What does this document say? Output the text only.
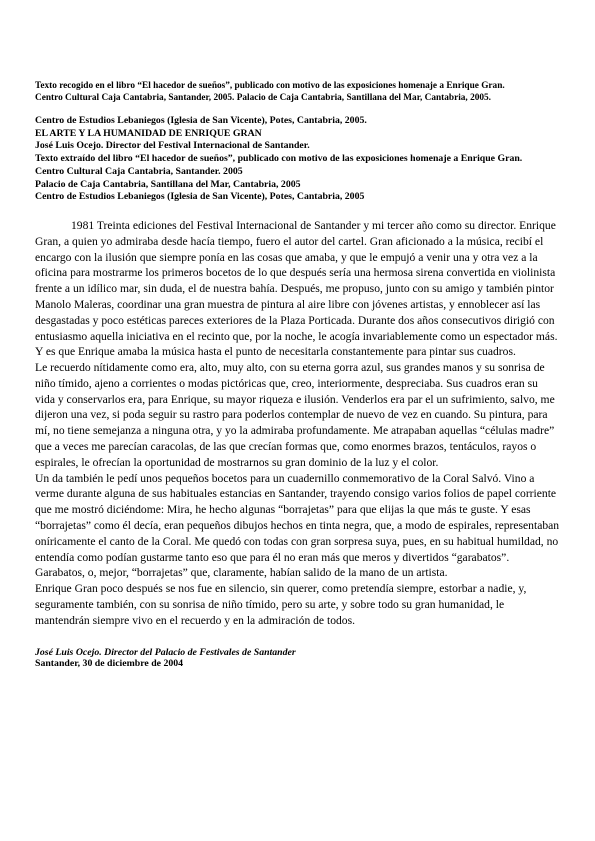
Texto recogido en el libro “El hacedor de sueños”, publicado con motivo de las exposiciones homenaje a Enrique Gran.
Centro Cultural Caja Cantabria, Santander, 2005. Palacio de Caja Cantabria, Santillana del Mar, Cantabria, 2005.
Centro de Estudios Lebaniegos (Iglesia de San Vicente), Potes, Cantabria, 2005.
EL ARTE Y LA HUMANIDAD DE ENRIQUE GRAN
José Luis Ocejo. Director del Festival Internacional de Santander.
Texto extraído del libro “El hacedor de sueños”, publicado con motivo de las exposiciones homenaje a Enrique Gran.
Centro Cultural Caja Cantabria, Santander. 2005
Palacio de Caja Cantabria, Santillana del Mar, Cantabria, 2005
Centro de Estudios Lebaniegos (Iglesia de San Vicente), Potes, Cantabria, 2005

1981 Treinta ediciones del Festival Internacional de Santander y mi tercer año como su director. Enrique Gran, a quien yo admiraba desde hacía tiempo, fuero el autor del cartel. Gran aficionado a la música, recibí el encargo con la ilusión que siempre ponía en las cosas que amaba, y que le empujó a venir una y otra vez a la oficina para mostrarme los primeros bocetos de lo que después sería una hermosa sirena convertida en violinista frente a un idílico mar, sin duda, el de nuestra bahía. Después, me propuso, junto con su amigo y también pintor Manolo Maleras, coordinar una gran muestra de pintura al aire libre con jóvenes artistas, y ennoblecer así las desgastadas y poco estéticas pareces exteriores de la Plaza Porticada. Durante dos años consecutivos dirigió con entusiasmo aquella iniciativa en el recinto que, por la noche, le acogía invariablemente como un espectador más. Y es que Enrique amaba la música hasta el punto de necesitarla constantemente para pintar sus cuadros.

Le recuerdo nítidamente como era, alto, muy alto, con su eterna gorra azul, sus grandes manos y su sonrisa de niño tímido, ajeno a corrientes o modas pictóricas que, creo, interiormente, despreciaba. Sus cuadros eran su vida y conservarlos era, para Enrique, su mayor riqueza e ilusión. Venderlos era par el un sufrimiento, salvo, me dijeron una vez, si poda seguir su rastro para poderlos contemplar de nuevo de vez en cuando. Su pintura, para mí, no tiene semejanza a ninguna otra, y yo la admiraba profundamente. Me atrapaban aquellas “células madre” que a veces me parecían caracolas, de las que crecían formas que, como enormes brazos, tentáculos, rayos o espirales, le ofrecían la oportunidad de mostrarnos su gran dominio de la luz y el color.

Un da también le pedí unos pequeños bocetos para un cuadernillo conmemorativo de la Coral Salvó. Vino a verme durante alguna de sus habituales estancias en Santander, trayendo consigo varios folios de papel corriente que me mostró diciéndome: Mira, he hecho algunas “borrajetas” para que elijas la que más te guste. Y esas “borrajetas” como él decía, eran pequeños dibujos hechos en tinta negra, que, a modo de espirales, representaban oníricamente el canto de la Coral. Me quedó con todas con gran sorpresa suya, pues, en su habitual humildad, no entendía como podían gustarme tanto eso que para él no eran más que meros y divertidos “garabatos”. Garabatos, o, mejor, “borrajetas” que, claramente, habían salido de la mano de un artista.

Enrique Gran poco después se nos fue en silencio, sin querer, como pretendía siempre, estorbar a nadie, y, seguramente también, con su sonrisa de niño tímido, pero su arte, y sobre todo su gran humanidad, le mantendrán siempre vivo en el recuerdo y en la admiración de todos.

José Luis Ocejo. Director del Palacio de Festivales de Santander
Santander, 30 de diciembre de 2004
